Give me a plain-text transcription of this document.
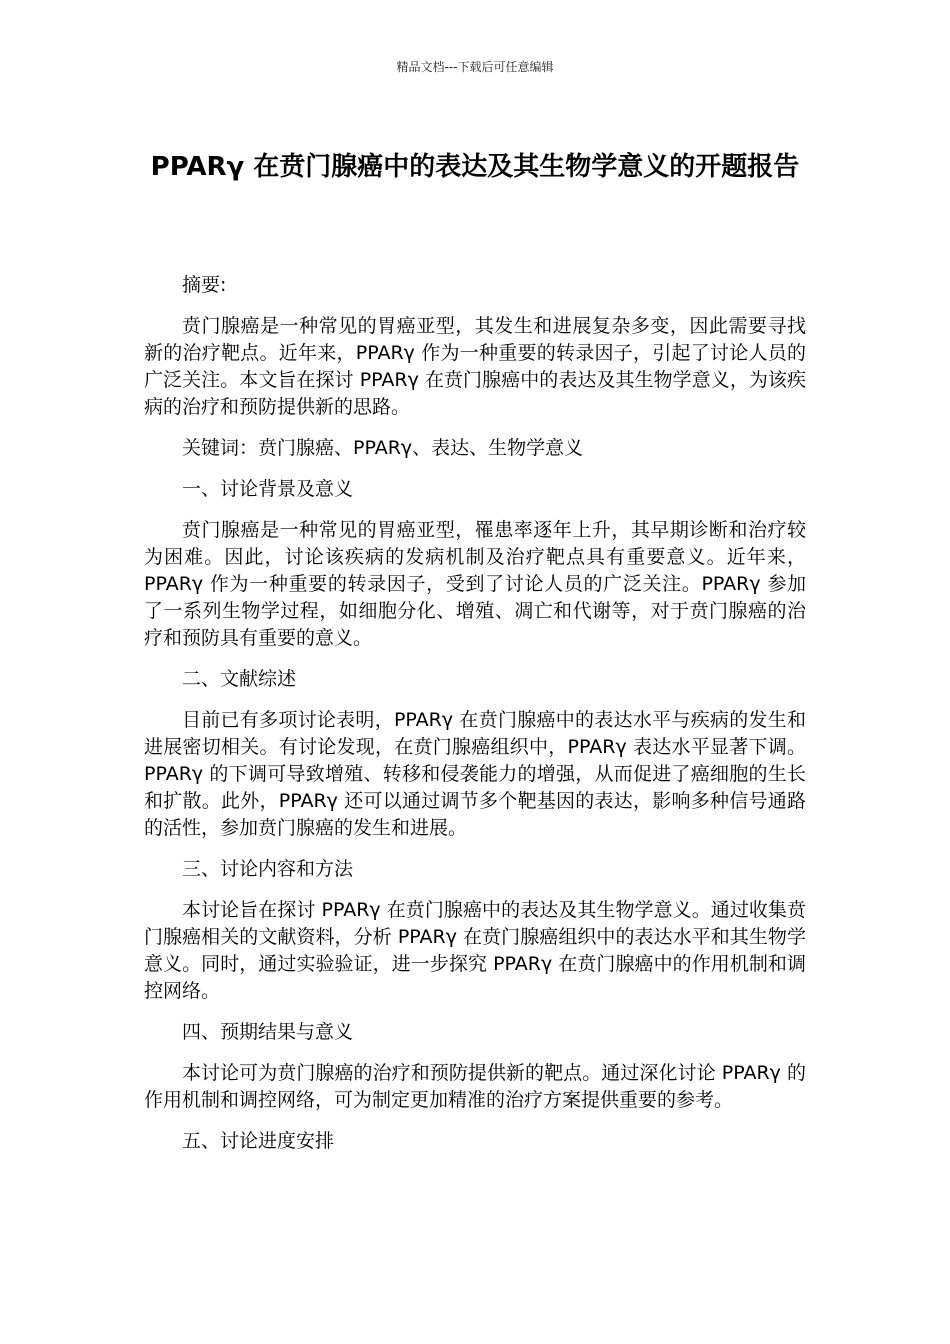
精品文档---下载后可任意编辑
PPARγ 在贲门腺癌中的表达及其生物学意义的开题报告

摘要:

贲门腺癌是一种常见的胃癌亚型，其发生和进展复杂多变，因此需要寻找新的治疗靶点。近年来，PPARγ 作为一种重要的转录因子，引起了讨论人员的广泛关注。本文旨在探讨 PPARγ 在贲门腺癌中的表达及其生物学意义，为该疾病的治疗和预防提供新的思路。

关键词：贲门腺癌、PPARγ、表达、生物学意义

一、讨论背景及意义

贲门腺癌是一种常见的胃癌亚型，罹患率逐年上升，其早期诊断和治疗较为困难。因此，讨论该疾病的发病机制及治疗靶点具有重要意义。近年来，PPARγ 作为一种重要的转录因子，受到了讨论人员的广泛关注。PPARγ 参加了一系列生物学过程，如细胞分化、增殖、凋亡和代谢等，对于贲门腺癌的治疗和预防具有重要的意义。

二、文献综述

目前已有多项讨论表明，PPARγ 在贲门腺癌中的表达水平与疾病的发生和进展密切相关。有讨论发现，在贲门腺癌组织中，PPARγ 表达水平显著下调。PPARγ 的下调可导致增殖、转移和侵袭能力的增强，从而促进了癌细胞的生长和扩散。此外，PPARγ 还可以通过调节多个靶基因的表达，影响多种信号通路的活性，参加贲门腺癌的发生和进展。

三、讨论内容和方法

本讨论旨在探讨 PPARγ 在贲门腺癌中的表达及其生物学意义。通过收集贲门腺癌相关的文献资料，分析 PPARγ 在贲门腺癌组织中的表达水平和其生物学意义。同时，通过实验验证，进一步探究 PPARγ 在贲门腺癌中的作用机制和调控网络。

四、预期结果与意义

本讨论可为贲门腺癌的治疗和预防提供新的靶点。通过深化讨论 PPARγ 的作用机制和调控网络，可为制定更加精准的治疗方案提供重要的参考。

五、讨论进度安排
